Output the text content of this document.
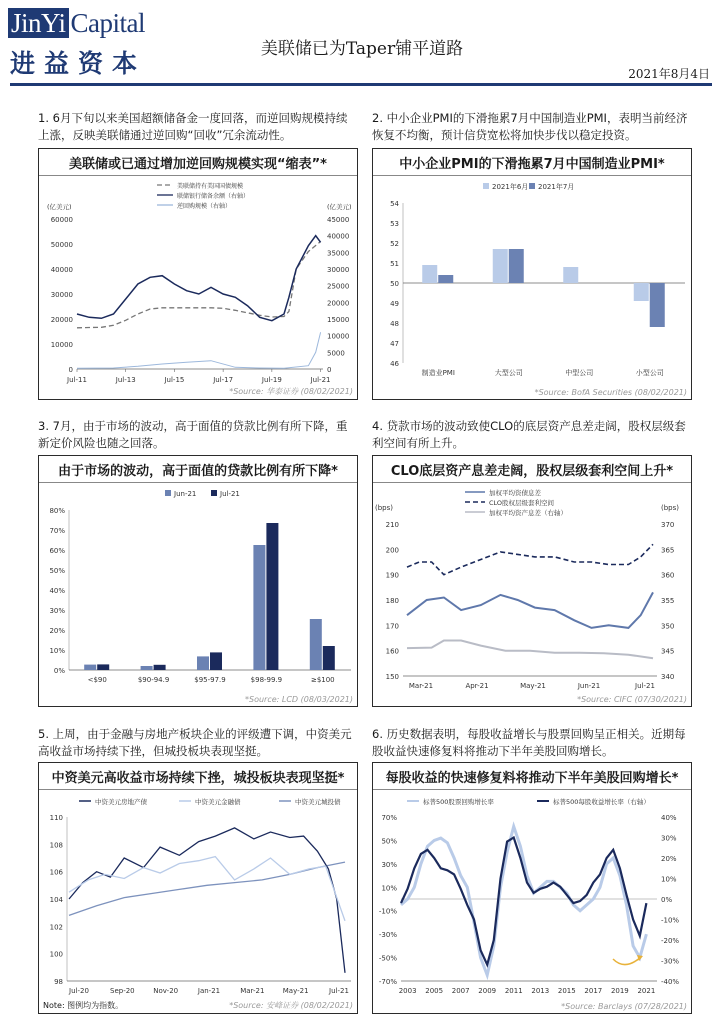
JinYi Capital
进益资本	美联储已为Taper铺平道路
2021年8月4日
1. 6月下旬以来美国超额储备金一度回落，而逆回购规模持续上涨，反映美联储通过逆回购“回收”冗余流动性。
2. 中小企业PMI的下滑拖累7月中国制造业PMI，表明当前经济恢复不均衡，预计信贷宽松将加快步伐以稳定投资。
3. 7月，由于市场的波动，高于面值的贷款比例有所下降，重新定价风险也随之回落。
4. 贷款市场的波动致使CLO的底层资产息差走阔，股权层级套利空间有所上升。
5. 上周，由于金融与房地产板块企业的评级遭下调，中资美元高收益市场持续下挫，但城投板块表现坚挺。
6. 历史数据表明，每股收益增长与股票回购呈正相关。近期每股收益快速修复料将推动下半年美股回购增长。
美联储或已通过增加逆回购规模实现“缩表”*
美联储持有美国国债规模
联储银行储备余额（右轴）
逆回购规模（右轴）
(亿美元)	(亿美元)
60000
50000
40000
30000
20000
10000
0
45000
40000
35000
30000
25000
20000
15000
10000
5000
0
Jul-11	Jul-13	Jul-15	Jul-17	Jul-19	Jul-21
*Source: 华泰证券 (08/02/2021)
中小企业PMI的下滑拖累7月中国制造业PMI*
2021年6月 2021年7月
54
53
52
51
50
49
48
47
46
制造业PMI	大型公司	中型公司	小型公司
*Source: BofA Securities (08/02/2021)
由于市场的波动，高于面值的贷款比例有所下降*
Jun-21	Jul-21
80%
70%
60%
50%
40%
30%
20%
10%
0%
<$90	$90-94.9	$95-97.9	$98-99.9	≥$100
*Source: LCD (08/03/2021)
CLO底层资产息差走阔，股权层级套利空间上升*
加权平均资债息差
CLO股权层级套利空间
加权平均资产息差（右轴）
(bps)	(bps)
210
200
190
180
170
160
150
370
365
360
355
350
345
340
Mar-21	Apr-21	May-21	Jun-21	Jul-21
*Source: CIFC (07/30/2021)
中资美元高收益市场持续下挫，城投板块表现坚挺*
中资美元房地产债	中资美元金融债	中资美元城投债
110
108
106
104
102
100
98
Jul-20	Sep-20	Nov-20	Jan-21	Mar-21	May-21	Jul-21
Note: 图例均为指数。	*Source: 安峰证券 (08/02/2021)
每股收益的快速修复料将推动下半年美股回购增长*
标普500股票回购增长率	标普500每股收益增长率（右轴）
70%
50%
30%
10%
-10%
-30%
-50%
-70%
40%
30%
20%
10%
0%
-10%
-20%
-30%
-40%
2003 2005 2007 2009 2011 2013 2015 2017 2019 2021
*Source: Barclays (07/28/2021)
